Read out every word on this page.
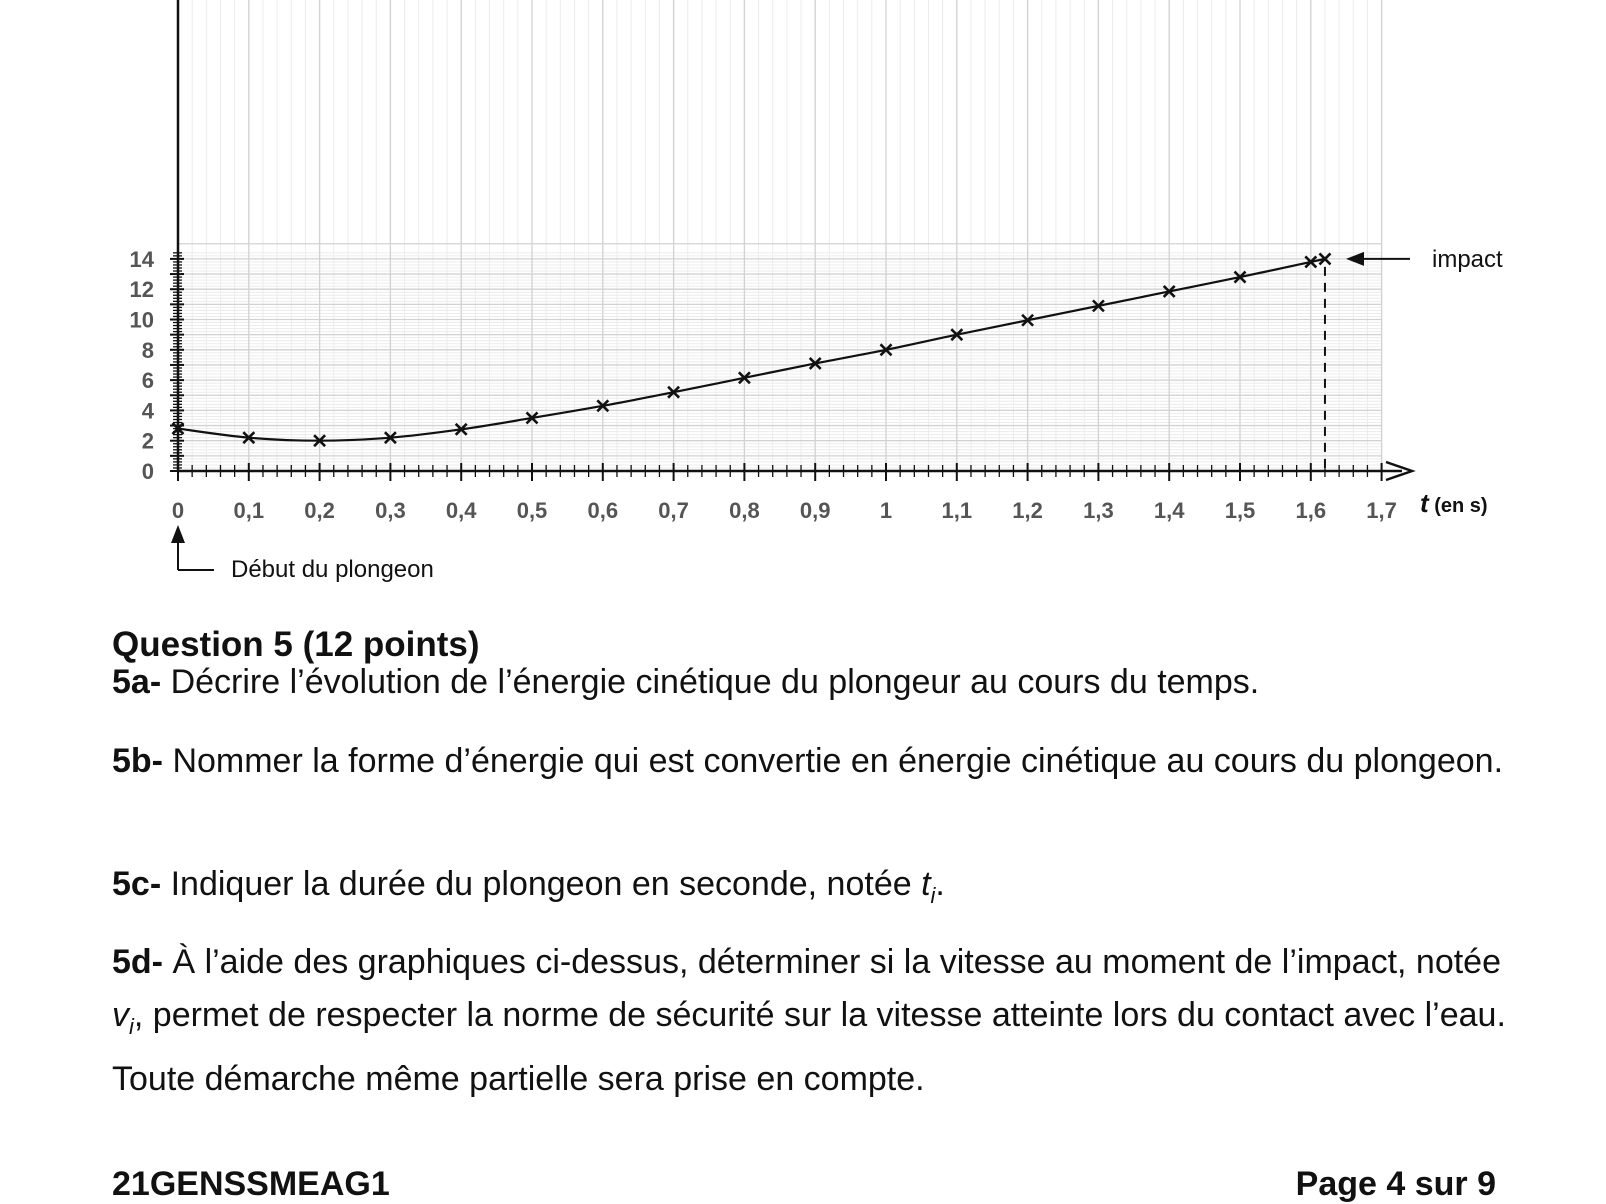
0 0,1 0,2 0,3 0,4 0,5 0,6 0,7 0,8 0,9 1 1,1 1,2 1,3 1,4 1,5 1,6 1,7
0
2
4
6
8
10
12
14
t (en s)
impact
Début du plongeon
Question 5 (12 points)
5a- Décrire l’évolution de l’énergie cinétique du plongeur au cours du temps.
5b- Nommer la forme d’énergie qui est convertie en énergie cinétique au cours du plongeon.
5c- Indiquer la durée du plongeon en seconde, notée $t_i$.
5d- À l’aide des graphiques ci-dessus, déterminer si la vitesse au moment de l’impact, notée $v_i$, permet de respecter la norme de sécurité sur la vitesse atteinte lors du contact avec l’eau. Toute démarche même partielle sera prise en compte.
21GENSSMEAG1	Page 4 sur 9
